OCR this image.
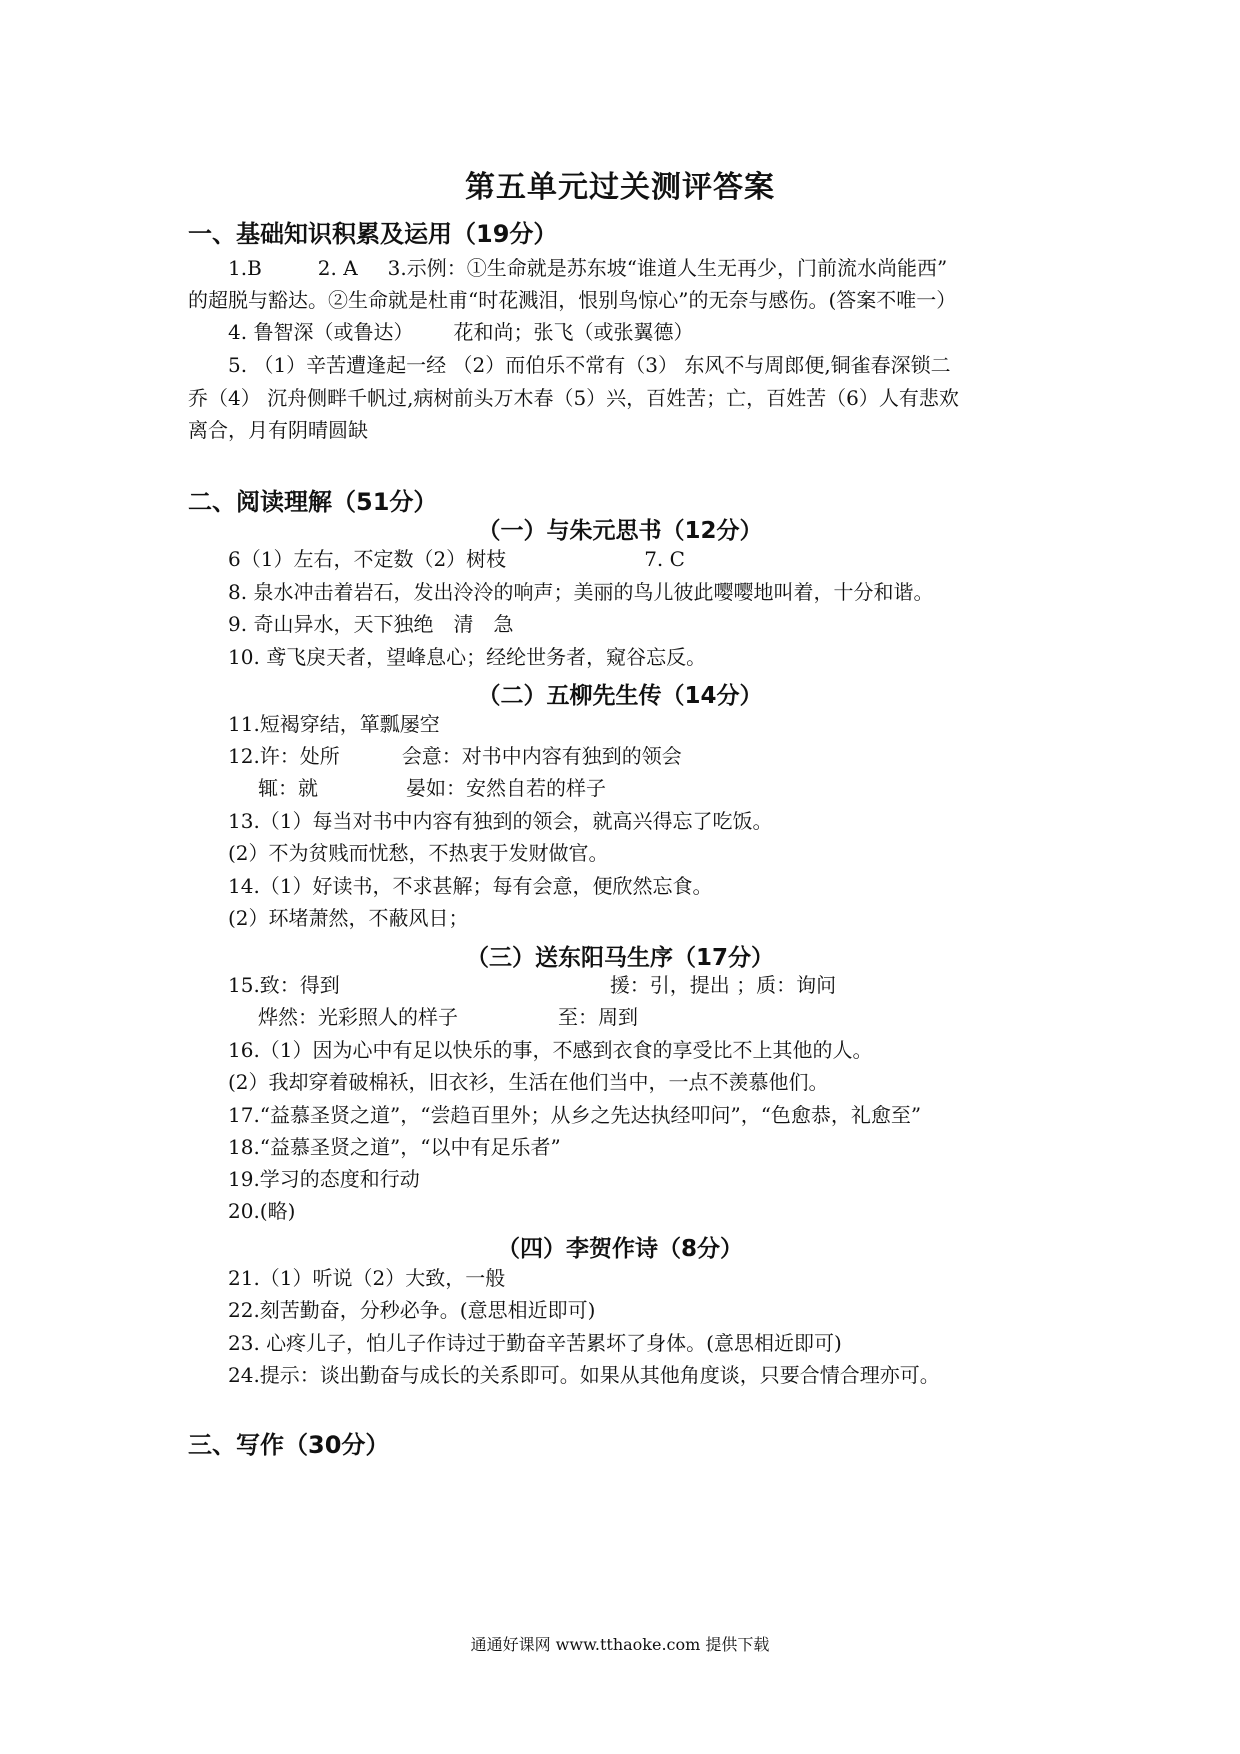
第五单元过关测评答案
一、基础知识积累及运用（19分）
1.B	2. A 3.示例：①生命就是苏东坡“谁道人生无再少，门前流水尚能西”
的超脱与豁达。②生命就是杜甫“时花溅泪，恨别鸟惊心”的无奈与感伤。(答案不唯一）
4. 鲁智深（或鲁达） 花和尚；张飞（或张翼德）
5. （1）辛苦遭逢起一经 （2）而伯乐不常有（3） 东风不与周郎便,铜雀春深锁二
乔（4） 沉舟侧畔千帆过,病树前头万木春（5）兴，百姓苦；亡，百姓苦（6）人有悲欢
离合，月有阴晴圆缺
二、阅读理解（51分）
（一）与朱元思书（12分）
6（1）左右，不定数（2）树枝	7. C
8. 泉水冲击着岩石，发出泠泠的响声；美丽的鸟儿彼此嘤嘤地叫着，十分和谐。
9. 奇山异水，天下独绝　清　急
10. 鸢飞戾天者，望峰息心；经纶世务者，窥谷忘反。
（二）五柳先生传（14分）
11.短褐穿结，箪瓢屡空
12.许：处所	会意：对书中内容有独到的领会
辄：就	晏如：安然自若的样子
13.（1）每当对书中内容有独到的领会，就高兴得忘了吃饭。
(2）不为贫贱而忧愁，不热衷于发财做官。
14.（1）好读书，不求甚解；每有会意，便欣然忘食。
(2）环堵萧然，不蔽风日；
（三）送东阳马生序（17分）
15.致：得到	援：引，提出 ；质：询问
烨然：光彩照人的样子	至：周到
16.（1）因为心中有足以快乐的事，不感到衣食的享受比不上其他的人。
(2）我却穿着破棉袄，旧衣衫，生活在他们当中，一点不羡慕他们。
17.“益慕圣贤之道”，“尝趋百里外；从乡之先达执经叩问”，“色愈恭，礼愈至”
18.“益慕圣贤之道”，“以中有足乐者”
19.学习的态度和行动
20.(略)
（四）李贺作诗（8分）
21.（1）听说（2）大致，一般
22.刻苦勤奋，分秒必争。(意思相近即可)
23. 心疼儿子，怕儿子作诗过于勤奋辛苦累坏了身体。(意思相近即可)
24.提示：谈出勤奋与成长的关系即可。如果从其他角度谈，只要合情合理亦可。
三、写作（30分）
通通好课网 www.tthaoke.com 提供下载
